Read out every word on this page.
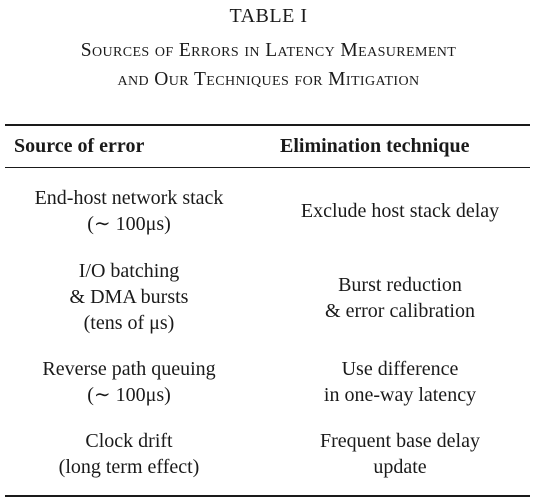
TABLE I
Sources of Errors in Latency Measurement
and Our Techniques for Mitigation
Source of error	Elimination technique
End-host network stack
(∼ 100μs)
Exclude host stack delay
I/O batching
& DMA bursts
(tens of μs)
Burst reduction
& error calibration
Reverse path queuing
(∼ 100μs)
Use difference
in one-way latency
Clock drift
(long term effect)
Frequent base delay
update
